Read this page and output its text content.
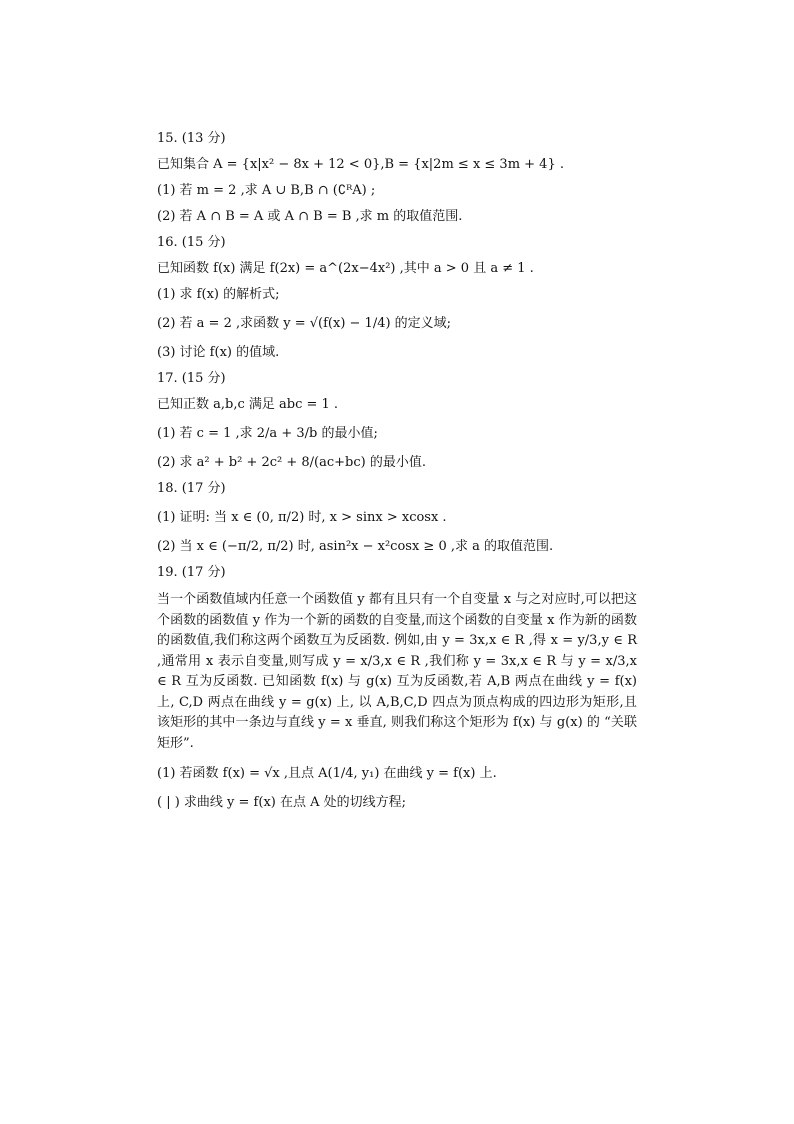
15. (13 分)

已知集合 A = {x|x² − 8x + 12 < 0},B = {x|2m ≤ x ≤ 3m + 4} .

(1) 若 m = 2 ,求 A ∪ B,B ∩ (∁ᴿA) ;

(2) 若 A ∩ B = A 或 A ∩ B = B ,求 m 的取值范围.

16. (15 分)

已知函数 f(x) 满足 f(2x) = a^(2x−4x²) ,其中 a > 0 且 a ≠ 1 .

(1) 求 f(x) 的解析式;

(2) 若 a = 2 ,求函数 y = √(f(x) − 1/4) 的定义域;

(3) 讨论 f(x) 的值域.

17. (15 分)

已知正数 a,b,c 满足 abc = 1 .

(1) 若 c = 1 ,求 2/a + 3/b 的最小值;

(2) 求 a² + b² + 2c² + 8/(ac+bc) 的最小值.

18. (17 分)

(1) 证明: 当 x ∈ (0, π/2) 时, x > sinx > xcosx .

(2) 当 x ∈ (−π/2, π/2) 时, asin²x − x²cosx ≥ 0 ,求 a 的取值范围.

19. (17 分)

当一个函数值域内任意一个函数值 y 都有且只有一个自变量 x 与之对应时,可以把这个函数的函数值 y 作为一个新的函数的自变量,而这个函数的自变量 x 作为新的函数的函数值,我们称这两个函数互为反函数. 例如,由 y = 3x,x ∈ R ,得 x = y/3,y ∈ R ,通常用 x 表示自变量,则写成 y = x/3,x ∈ R ,我们称 y = 3x,x ∈ R 与 y = x/3,x ∈ R 互为反函数. 已知函数 f(x) 与 g(x) 互为反函数,若 A,B 两点在曲线 y = f(x) 上, C,D 两点在曲线 y = g(x) 上, 以 A,B,C,D 四点为顶点构成的四边形为矩形,且该矩形的其中一条边与直线 y = x 垂直, 则我们称这个矩形为 f(x) 与 g(x) 的 “关联矩形”.

(1) 若函数 f(x) = √x ,且点 A(1/4, y₁) 在曲线 y = f(x) 上.

( | ) 求曲线 y = f(x) 在点 A 处的切线方程;
